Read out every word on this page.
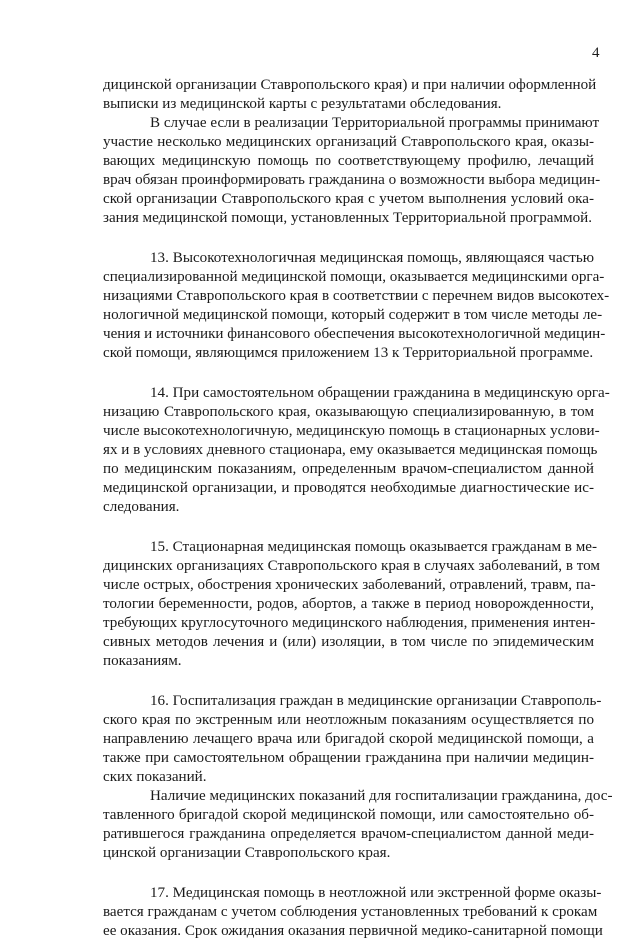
4

дицинской организации Ставропольского края) и при наличии оформленной
выписки из медицинской карты с результатами обследования.

В случае если в реализации Территориальной программы принимают
участие несколько медицинских организаций Ставропольского края, оказы-
вающих медицинскую помощь по соответствующему профилю, лечащий
врач обязан проинформировать гражданина о возможности выбора медицин-
ской организации Ставропольского края с учетом выполнения условий ока-
зания медицинской помощи, установленных Территориальной программой.

13. Высокотехнологичная медицинская помощь, являющаяся частью
специализированной медицинской помощи, оказывается медицинскими орга-
низациями Ставропольского края в соответствии с перечнем видов высокотех-
нологичной медицинской помощи, который содержит в том числе методы ле-
чения и источники финансового обеспечения высокотехнологичной медицин-
ской помощи, являющимся приложением 13 к Территориальной программе.

14. При самостоятельном обращении гражданина в медицинскую орга-
низацию Ставропольского края, оказывающую специализированную, в том
числе высокотехнологичную, медицинскую помощь в стационарных услови-
ях и в условиях дневного стационара, ему оказывается медицинская помощь
по медицинским показаниям, определенным врачом-специалистом данной
медицинской организации, и проводятся необходимые диагностические ис-
следования.

15. Стационарная медицинская помощь оказывается гражданам в ме-
дицинских организациях Ставропольского края в случаях заболеваний, в том
числе острых, обострения хронических заболеваний, отравлений, травм, па-
тологии беременности, родов, абортов, а также в период новорожденности,
требующих круглосуточного медицинского наблюдения, применения интен-
сивных методов лечения и (или) изоляции, в том числе по эпидемическим
показаниям.

16. Госпитализация граждан в медицинские организации Ставрополь-
ского края по экстренным или неотложным показаниям осуществляется по
направлению лечащего врача или бригадой скорой медицинской помощи, а
также при самостоятельном обращении гражданина при наличии медицин-
ских показаний.

Наличие медицинских показаний для госпитализации гражданина, дос-
тавленного бригадой скорой медицинской помощи, или самостоятельно об-
ратившегося гражданина определяется врачом-специалистом данной меди-
цинской организации Ставропольского края.

17. Медицинская помощь в неотложной или экстренной форме оказы-
вается гражданам с учетом соблюдения установленных требований к срокам
ее оказания. Срок ожидания оказания первичной медико-санитарной помощи
